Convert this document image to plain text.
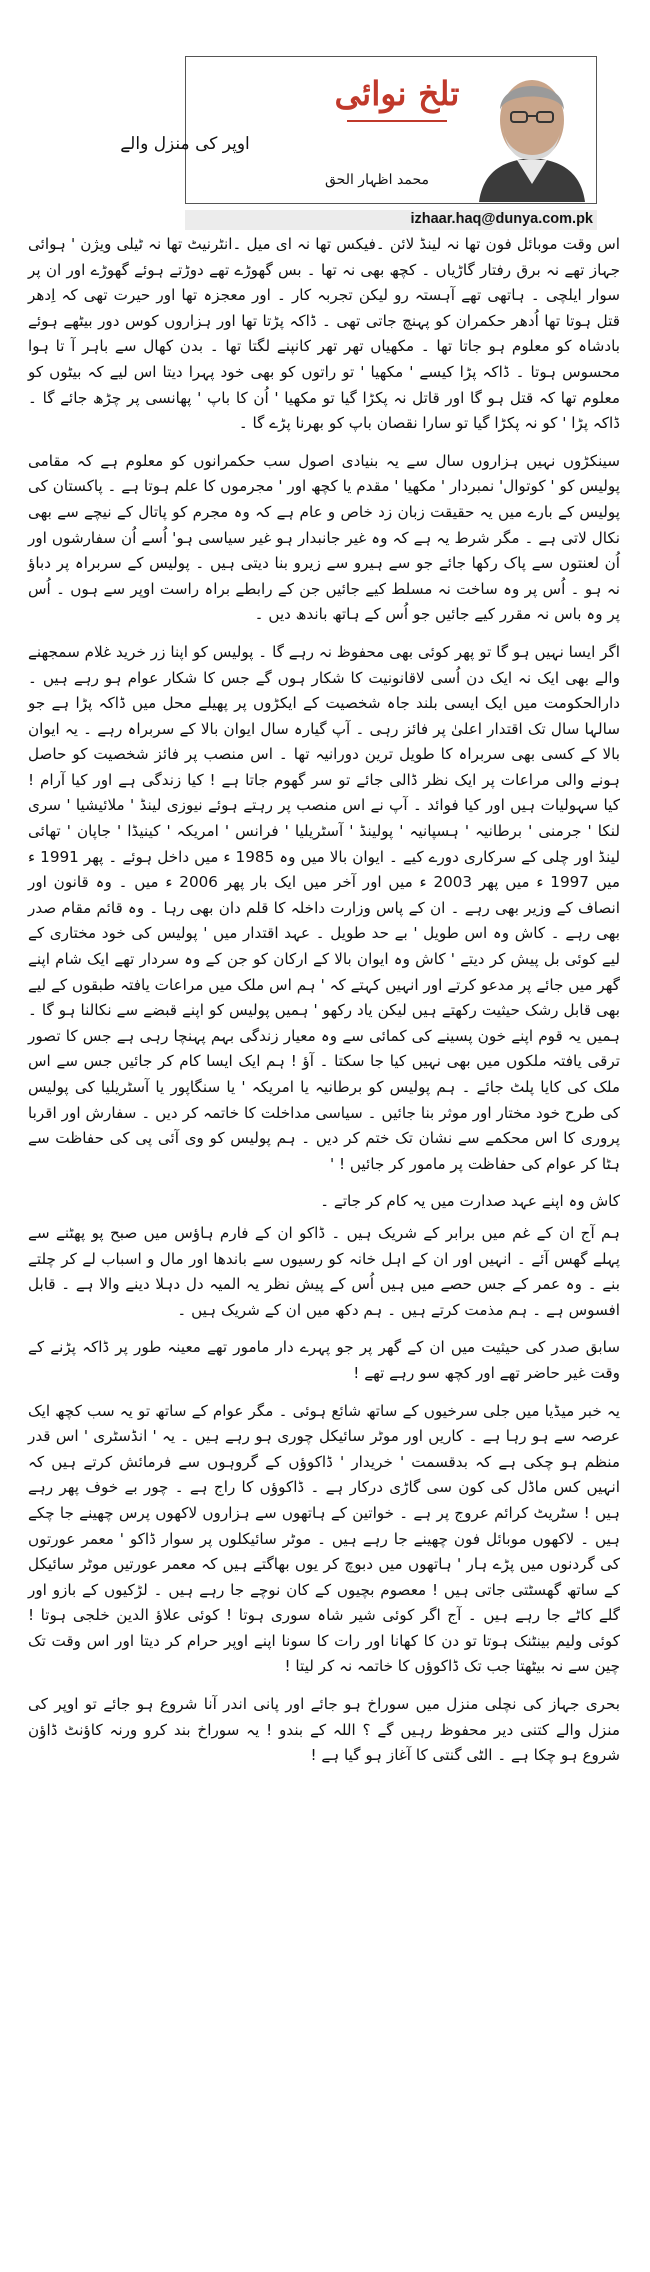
تلخ نوائی
محمد اظہار الحق
izhaar.haq@dunya.com.pk
اوپر کی منزل والے

اس وقت موبائل فون تھا نہ لینڈ لائن ۔فیکس تھا نہ ای میل ۔انٹرنیٹ تھا نہ ٹیلی ویژن ' ہوائی جہاز تھے نہ برق رفتار گاڑیاں ۔ کچھ بھی نہ تھا ۔ بس گھوڑے تھے دوڑتے ہوئے گھوڑے اور ان پر سوار ایلچی ۔ ہاتھی تھے آہستہ رو لیکن تجربہ کار ۔ اور معجزہ تھا اور حیرت تھی کہ اِدھر قتل ہوتا تھا اُدھر حکمران کو پہنچ جاتی تھی ۔ ڈاکہ پڑتا تھا اور ہزاروں کوس دور بیٹھے ہوئے بادشاہ کو معلوم ہو جاتا تھا ۔ مکھیاں تھر تھر کانپنے لگتا تھا ۔ بدن کھال سے باہر آ تا ہوا محسوس ہوتا ۔ ڈاکہ پڑا کیسے ' مکھیا ' تو راتوں کو بھی خود پہرا دیتا اس لیے کہ بیٹوں کو معلوم تھا کہ قتل ہو گا اور قاتل نہ پکڑا گیا تو مکھیا ' اُن کا باپ ' پھانسی پر چڑھ جائے گا ۔ ڈاکہ پڑا ' کو نہ پکڑا گیا تو سارا نقصان باپ کو بھرنا پڑے گا ۔

سینکڑوں نہیں ہزاروں سال سے یہ بنیادی اصول سب حکمرانوں کو معلوم ہے کہ مقامی پولیس کو ' کوتوال' نمبردار ' مکھیا ' مقدم یا کچھ اور ' مجرموں کا علم ہوتا ہے ۔ پاکستان کی پولیس کے بارے میں یہ حقیقت زبان زد خاص و عام ہے کہ وہ مجرم کو پاتال کے نیچے سے بھی نکال لاتی ہے ۔ مگر شرط یہ ہے کہ وہ غیر جانبدار ہو غیر سیاسی ہو' اُسے اُن سفارشوں اور اُن لعنتوں سے پاک رکھا جائے جو سے ہیرو سے زیرو بنا دیتی ہیں ۔ پولیس کے سربراہ پر دباؤ نہ ہو ۔ اُس پر وہ ساخت نہ مسلط کیے جائیں جن کے رابطے براہ راست اوپر سے ہوں ۔ اُس پر وہ باس نہ مقرر کیے جائیں جو اُس کے ہاتھ باندھ دیں ۔

اگر ایسا نہیں ہو گا تو پھر کوئی بھی محفوظ نہ رہے گا ۔ پولیس کو اپنا زر خرید غلام سمجھنے والے بھی ایک نہ ایک دن اُسی لاقانونیت کا شکار ہوں گے جس کا شکار عوام ہو رہے ہیں ۔ دارالحکومت میں ایک ایسی بلند جاہ شخصیت کے ایکڑوں پر پھیلے محل میں ڈاکہ پڑا ہے جو سالہا سال تک اقتدار اعلیٰ پر فائز رہی ۔ آپ گیارہ سال ایوان بالا کے سربراہ رہے ۔ یہ ایوان بالا کے کسی بھی سربراہ کا طویل ترین دورانیہ تھا ۔ اس منصب پر فائز شخصیت کو حاصل ہونے والی مراعات پر ایک نظر ڈالی جائے تو سر گھوم جاتا ہے ! کیا زندگی ہے اور کیا آرام ! کیا سہولیات ہیں اور کیا فوائد ۔ آپ نے اس منصب پر رہتے ہوئے نیوزی لینڈ ' ملائیشیا ' سری لنکا ' جرمنی ' برطانیہ ' ہسپانیہ ' پولینڈ ' آسٹریلیا ' فرانس ' امریکہ ' کینیڈا ' جاپان ' تھائی لینڈ اور چلی کے سرکاری دورے کیے ۔ ایوان بالا میں وہ 1985 ء میں داخل ہوئے ۔ پھر 1991 ء میں 1997 ء میں پھر 2003 ء میں اور آخر میں ایک بار پھر 2006 ء میں ۔ وہ قانون اور انصاف کے وزیر بھی رہے ۔ ان کے پاس وزارت داخلہ کا قلم دان بھی رہا ۔ وہ قائم مقام صدر بھی رہے ۔ کاش وہ اس طویل ' بے حد طویل ۔ عہد اقتدار میں ' پولیس کی خود مختاری کے لیے کوئی بل پیش کر دیتے ' کاش وہ ایوان بالا کے ارکان کو جن کے وہ سردار تھے ایک شام اپنے گھر میں جائے پر مدعو کرتے اور انہیں کہتے کہ ' ہم اس ملک میں مراعات یافتہ طبقوں کے لیے بھی قابل رشک حیثیت رکھتے ہیں لیکن یاد رکھو ' ہمیں پولیس کو اپنے قبضے سے نکالنا ہو گا ۔ ہمیں یہ قوم اپنے خون پسینے کی کمائی سے وہ معیار زندگی بہم پہنچا رہی ہے جس کا تصور ترقی یافتہ ملکوں میں بھی نہیں کیا جا سکتا ۔ آؤ ! ہم ایک ایسا کام کر جائیں جس سے اس ملک کی کایا پلٹ جائے ۔ ہم پولیس کو برطانیہ یا امریکہ ' یا سنگاپور یا آسٹریلیا کی پولیس کی طرح خود مختار اور موثر بنا جائیں ۔ سیاسی مداخلت کا خاتمہ کر دیں ۔ سفارش اور اقربا پروری کا اس محکمے سے نشان تک ختم کر دیں ۔ ہم پولیس کو وی آئی پی کی حفاظت سے ہٹا کر عوام کی حفاظت پر مامور کر جائیں ! '

کاش وہ اپنے عہد صدارت میں یہ کام کر جاتے ۔

ہم آج ان کے غم میں برابر کے شریک ہیں ۔ ڈاکو ان کے فارم ہاؤس میں صبح پو پھٹنے سے پہلے گھس آئے ۔ انہیں اور ان کے اہل خانہ کو رسیوں سے باندھا اور مال و اسباب لے کر چلتے بنے ۔ وہ عمر کے جس حصے میں ہیں اُس کے پیش نظر یہ المیہ دل دہلا دینے والا ہے ۔ قابل افسوس ہے ۔ ہم مذمت کرتے ہیں ۔ ہم دکھ میں ان کے شریک ہیں ۔

سابق صدر کی حیثیت میں ان کے گھر پر جو پہرے دار مامور تھے معینہ طور پر ڈاکہ پڑنے کے وقت غیر حاضر تھے اور کچھ سو رہے تھے !

یہ خبر میڈیا میں جلی سرخیوں کے ساتھ شائع ہوئی ۔ مگر عوام کے ساتھ تو یہ سب کچھ ایک عرصہ سے ہو رہا ہے ۔ کاریں اور موٹر سائیکل چوری ہو رہے ہیں ۔ یہ ' انڈسٹری ' اس قدر منظم ہو چکی ہے کہ بدقسمت ' خریدار ' ڈاکوؤں کے گروہوں سے فرمائش کرتے ہیں کہ انہیں کس ماڈل کی کون سی گاڑی درکار ہے ۔ ڈاکوؤں کا راج ہے ۔ چور بے خوف پھر رہے ہیں ! سٹریٹ کرائم عروج پر ہے ۔ خواتین کے ہاتھوں سے ہزاروں لاکھوں پرس چھینے جا چکے ہیں ۔ لاکھوں موبائل فون چھینے جا رہے ہیں ۔ موٹر سائیکلوں پر سوار ڈاکو ' معمر عورتوں کی گردنوں میں پڑے ہار ' ہاتھوں میں دبوچ کر یوں بھاگتے ہیں کہ معمر عورتیں موٹر سائیکل کے ساتھ گھسٹتی جاتی ہیں ! معصوم بچیوں کے کان نوچے جا رہے ہیں ۔ لڑکیوں کے بازو اور گلے کاٹے جا رہے ہیں ۔ آج اگر کوئی شیر شاہ سوری ہوتا ! کوئی علاؤ الدین خلجی ہوتا ! کوئی ولیم بینٹنک ہوتا تو دن کا کھانا اور رات کا سونا اپنے اوپر حرام کر دیتا اور اس وقت تک چین سے نہ بیٹھتا جب تک ڈاکوؤں کا خاتمہ نہ کر لیتا !

بحری جہاز کی نچلی منزل میں سوراخ ہو جائے اور پانی اندر آنا شروع ہو جائے تو اوپر کی منزل والے کتنی دیر محفوظ رہیں گے ؟ اللہ کے بندو ! یہ سوراخ بند کرو ورنہ کاؤنٹ ڈاؤن شروع ہو چکا ہے ۔ الٹی گنتی کا آغاز ہو گیا ہے !
